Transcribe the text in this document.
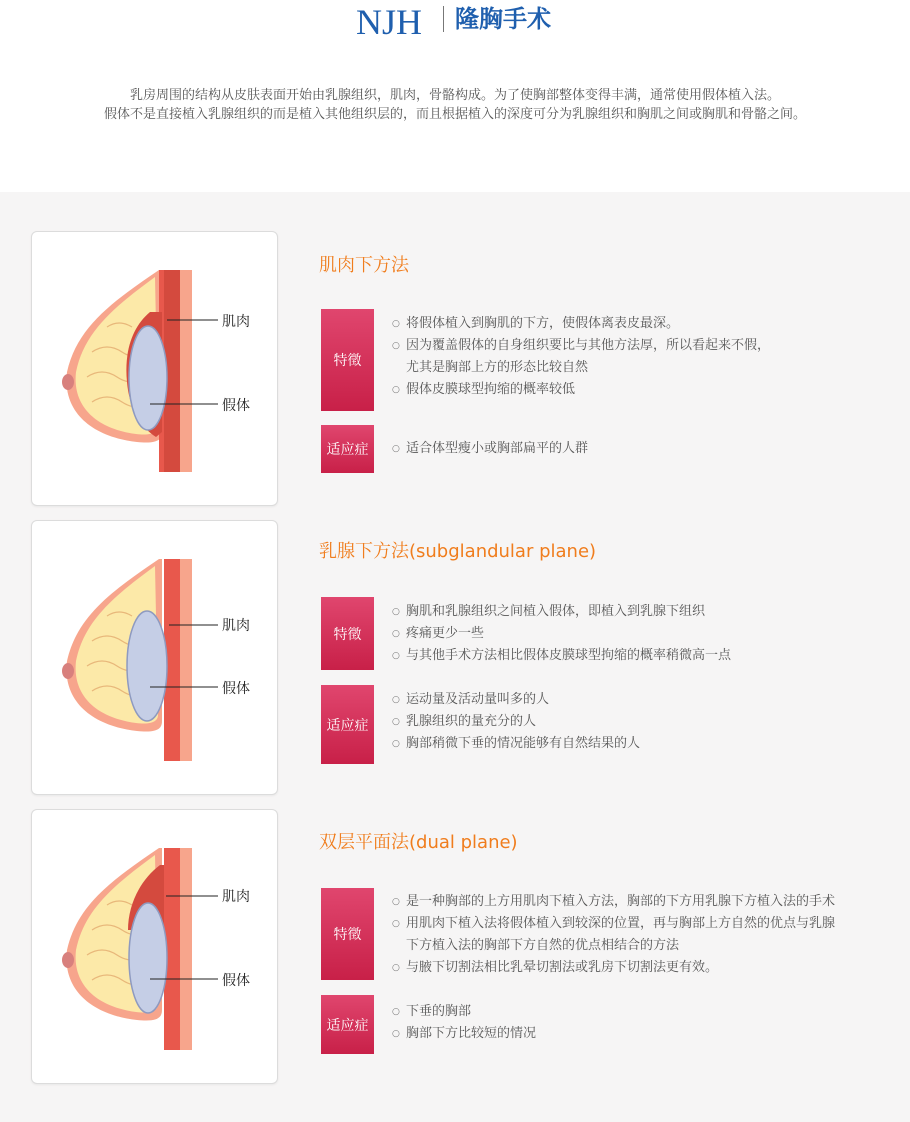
NJH 隆胸手术

乳房周围的结构从皮肤表面开始由乳腺组织，肌肉，骨骼构成。为了使胸部整体变得丰满，通常使用假体植入法。

假体不是直接植入乳腺组织的而是植入其他组织层的，而且根据植入的深度可分为乳腺组织和胸肌之间或胸肌和骨骼之间。

肌肉
假体
肌肉下方法
特徵
○ 将假体植入到胸肌的下方，使假体离表皮最深。
○ 因为覆盖假体的自身组织要比与其他方法厚，所以看起来不假，
尤其是胸部上方的形态比较自然
○ 假体皮膜球型拘缩的概率较低
适应症
○	适合体型瘦小或胸部扁平的人群
肌肉
假体
乳腺下方法(subglandular plane)
特徵
○ 胸肌和乳腺组织之间植入假体，即植入到乳腺下组织
○ 疼痛更少一些
○ 与其他手术方法相比假体皮膜球型拘缩的概率稍微高一点
适应症
○ 运动量及活动量叫多的人
○ 乳腺组织的量充分的人
○ 胸部稍微下垂的情况能够有自然结果的人
肌肉
假体
双层平面法(dual plane)
特徵
○ 是一种胸部的上方用肌肉下植入方法，胸部的下方用乳腺下方植入法的手术
○ 用肌肉下植入法将假体植入到较深的位置，再与胸部上方自然的优点与乳腺
下方植入法的胸部下方自然的优点相结合的方法
○ 与腋下切割法相比乳晕切割法或乳房下切割法更有效。
适应症
○ 下垂的胸部
○ 胸部下方比较短的情况
